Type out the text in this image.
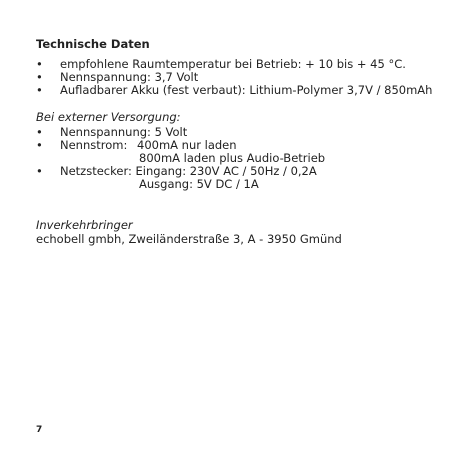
Technische Daten
• empfohlene Raumtemperatur bei Betrieb: + 10 bis + 45 °C.
• Nennspannung: 3,7 Volt
• Aufladbarer Akku (fest verbaut): Lithium-Polymer 3,7V / 850mAh
Bei externer Versorgung:
• Nennspannung: 5 Volt
• Nennstrom: 400mA nur laden
800mA laden plus Audio-Betrieb
• Netzstecker: Eingang: 230V AC / 50Hz / 0,2A
Ausgang: 5V DC / 1A
Inverkehrbringer
echobell gmbh, Zweiländerstraße 3, A - 3950 Gmünd
7
